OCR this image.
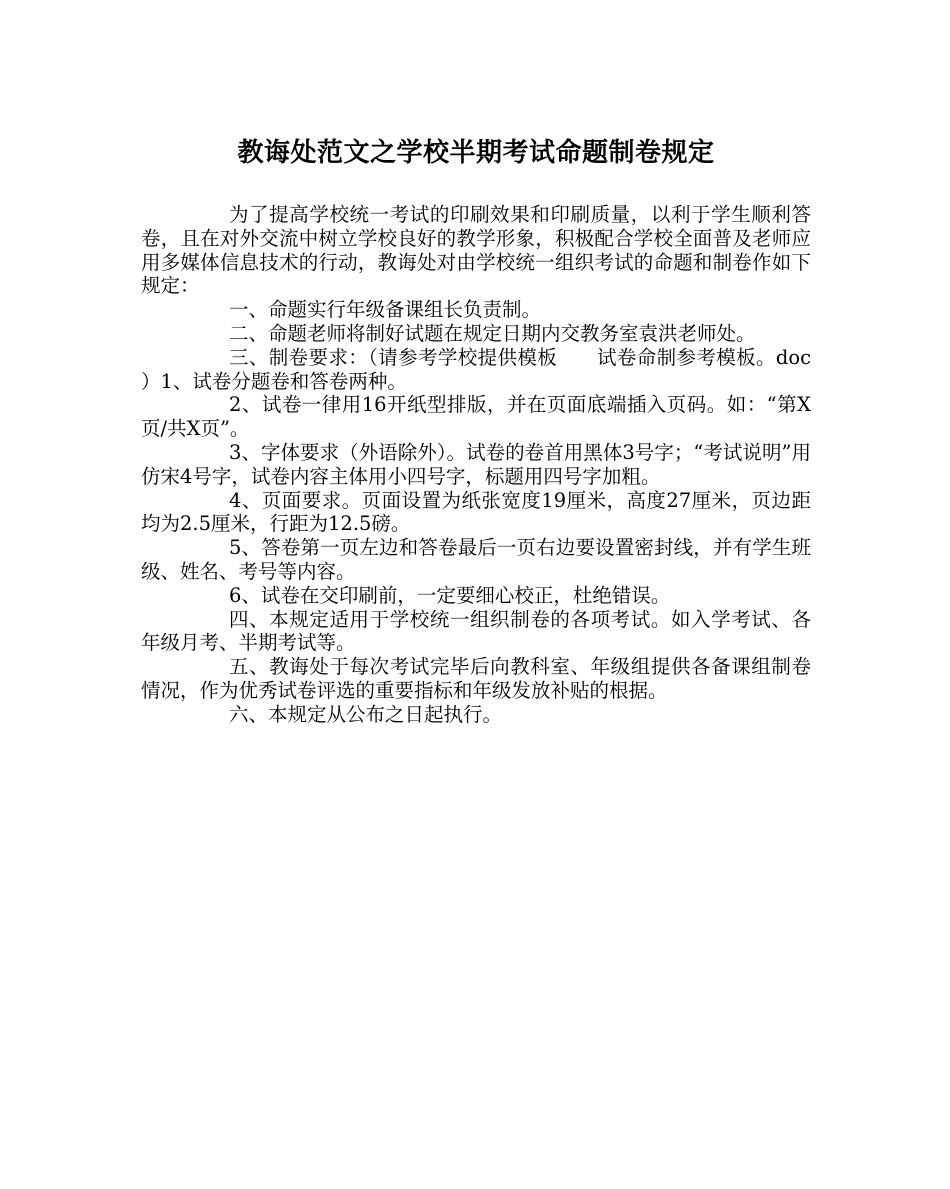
教诲处范文之学校半期考试命题制卷规定

为了提高学校统一考试的印刷效果和印刷质量，以利于学生顺利答卷，且在对外交流中树立学校良好的教学形象，积极配合学校全面普及老师应用多媒体信息技术的行动，教诲处对由学校统一组织考试的命题和制卷作如下规定：

一、命题实行年级备课组长负责制。

二、命题老师将制好试题在规定日期内交教务室袁洪老师处。

三、制卷要求：（请参考学校提供模板　　试卷命制参考模板。doc ）1、试卷分题卷和答卷两种。

2、试卷一律用16开纸型排版，并在页面底端插入页码。如：“第X页/共X页”。

3、字体要求（外语除外）。试卷的卷首用黑体3号字；“考试说明”用仿宋4号字，试卷内容主体用小四号字，标题用四号字加粗。

4、页面要求。页面设置为纸张宽度19厘米，高度27厘米，页边距均为2.5厘米，行距为12.5磅。

5、答卷第一页左边和答卷最后一页右边要设置密封线，并有学生班级、姓名、考号等内容。

6、试卷在交印刷前，一定要细心校正，杜绝错误。

四、本规定适用于学校统一组织制卷的各项考试。如入学考试、各年级月考、半期考试等。

五、教诲处于每次考试完毕后向教科室、年级组提供各备课组制卷情况，作为优秀试卷评选的重要指标和年级发放补贴的根据。

六、本规定从公布之日起执行。
